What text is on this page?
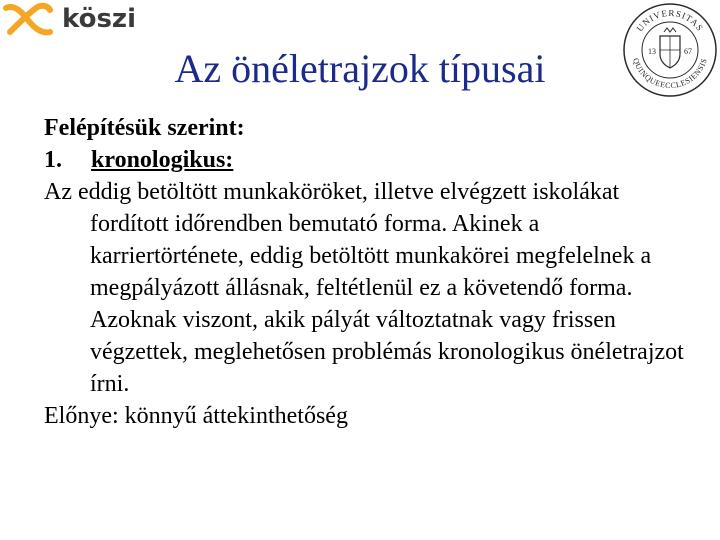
köszi	UNIVERSITAS
QUINQUEECCLESIENSIS
13	67
Az önéletrajzok típusai
Felépítésük szerint:
1. kronologikus:

Az eddig betöltött munkaköröket, illetve elvégzett iskolákat fordított időrendben bemutató forma. Akinek a karriertörténete, eddig betöltött munkakörei megfelelnek a megpályázott állásnak, feltétlenül ez a követendő forma. Azoknak viszont, akik pályát változtatnak vagy frissen végzettek, meglehetősen problémás kronologikus önéletrajzot írni.

Előnye: könnyű áttekinthetőség
